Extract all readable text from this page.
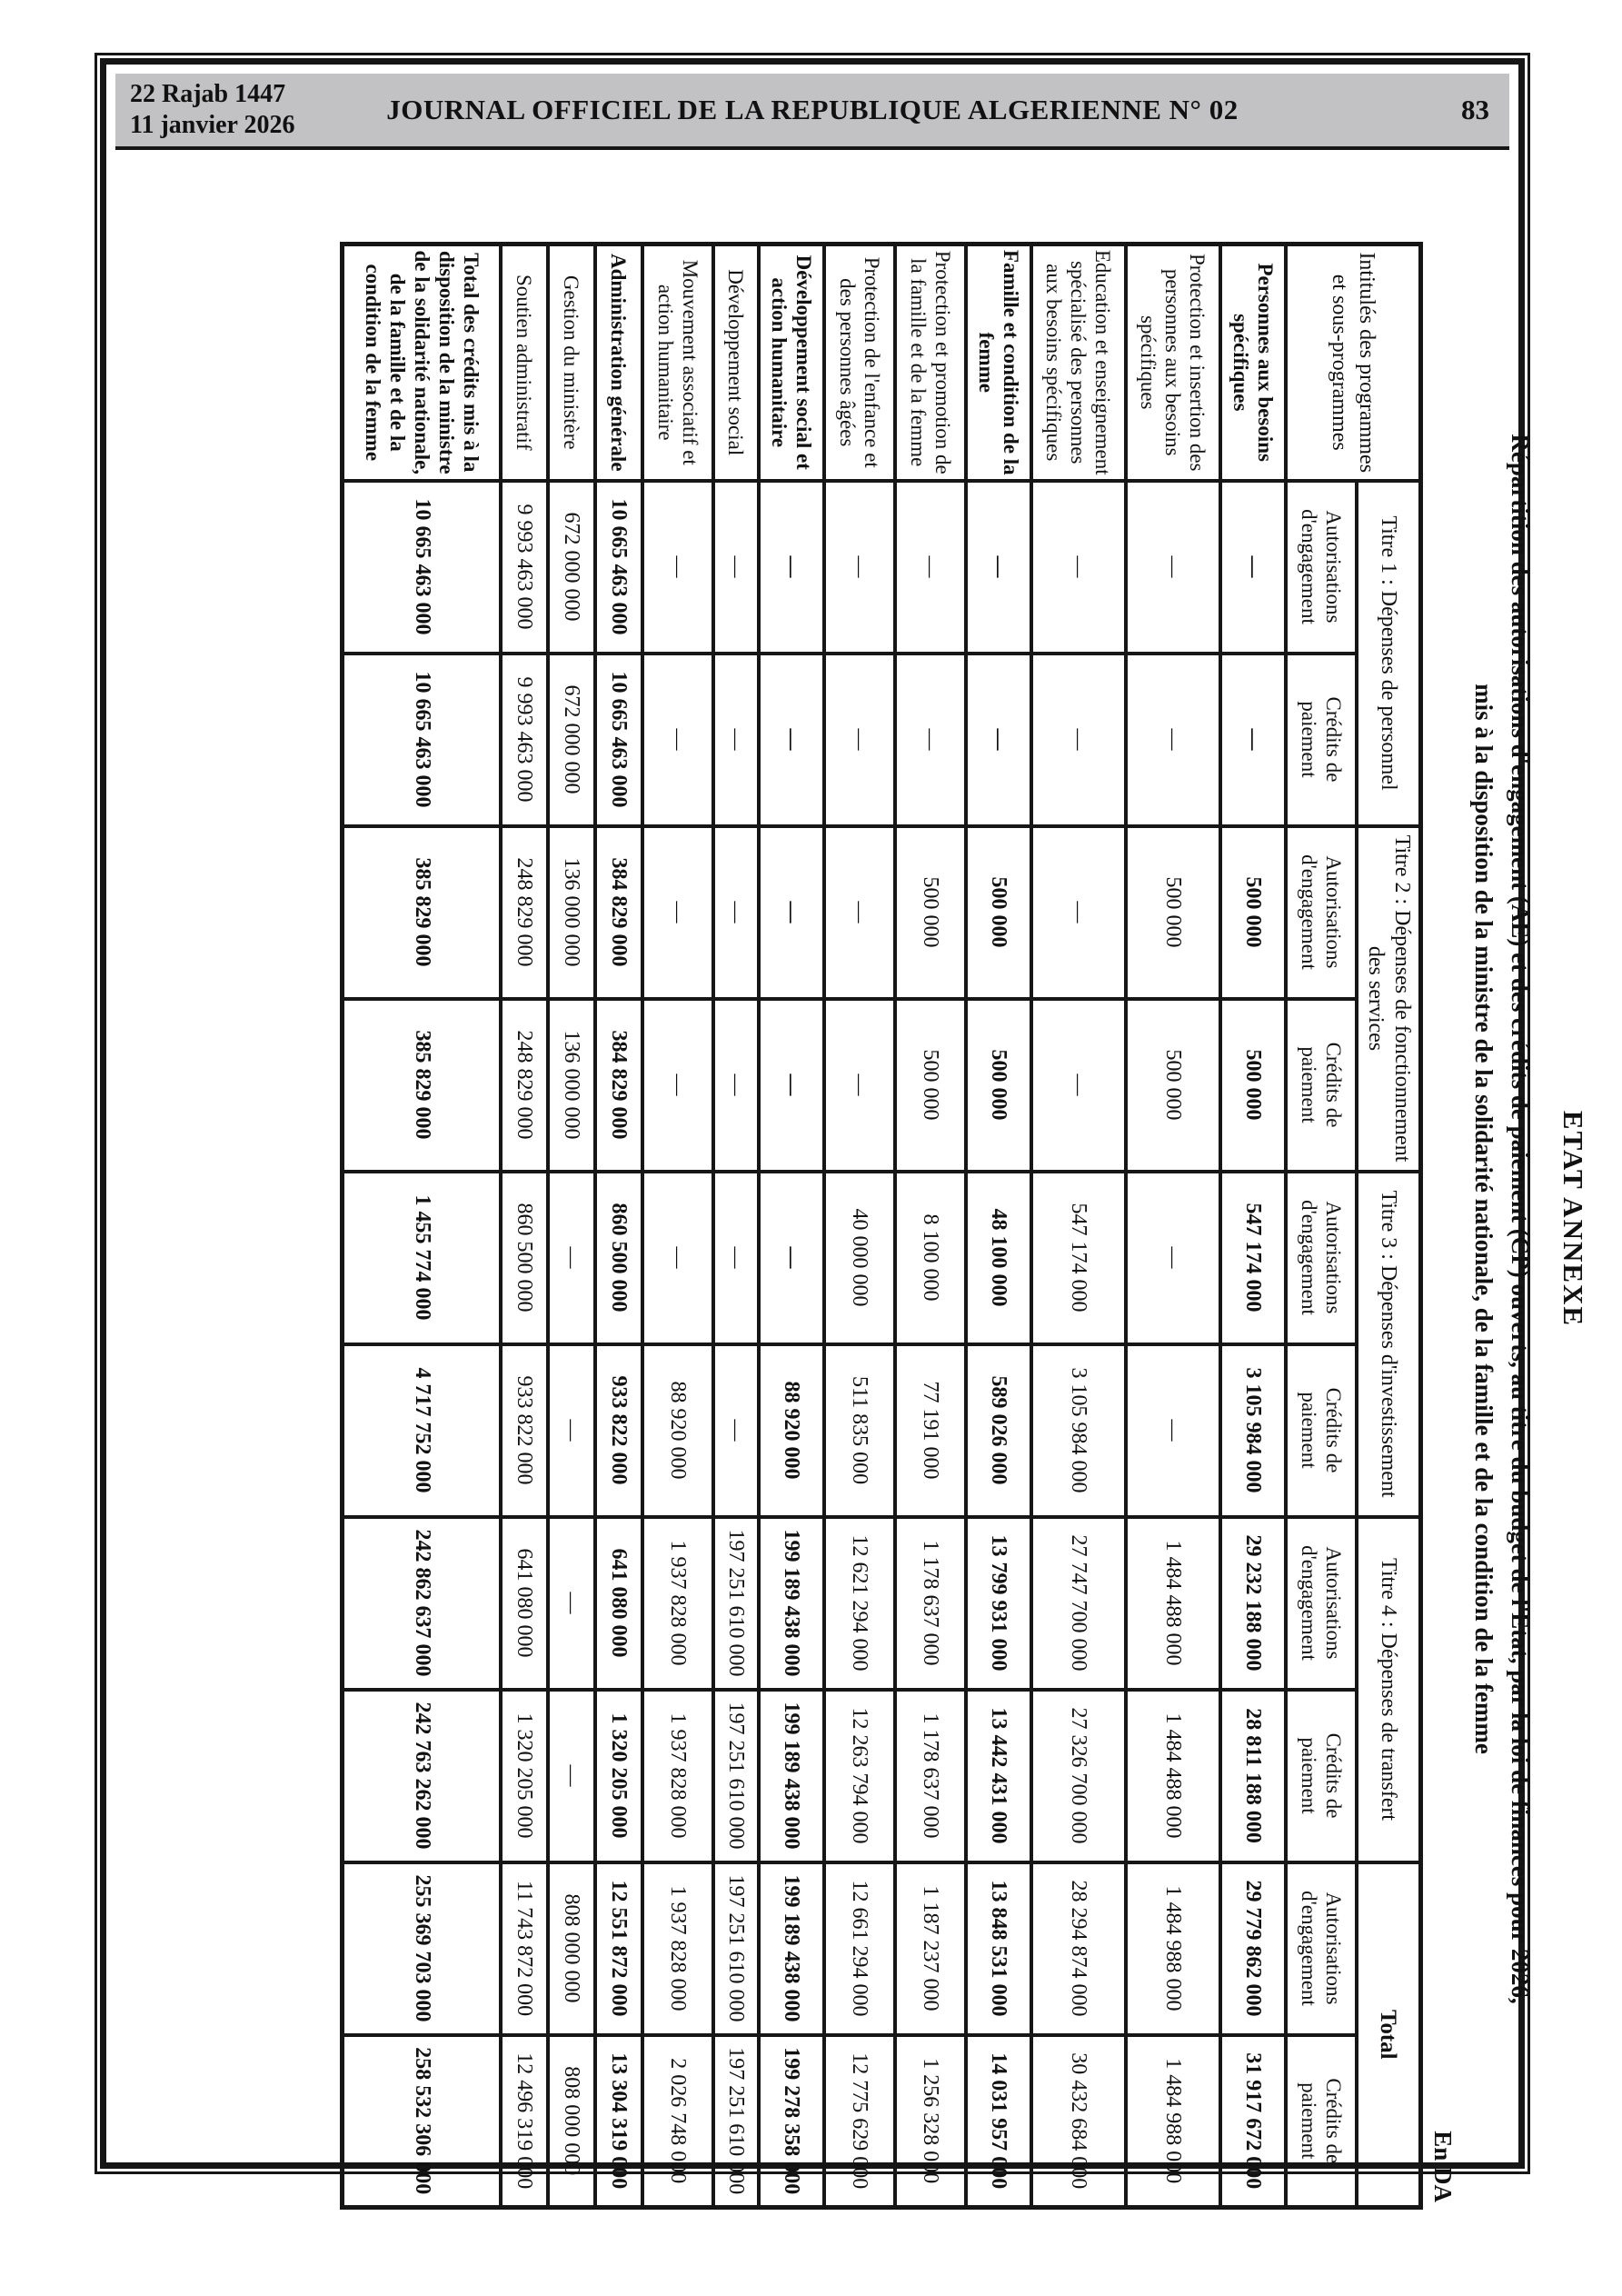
22 Rajab 1447
11 janvier 2026	JOURNAL OFFICIEL DE LA REPUBLIQUE ALGERIENNE N° 02	83
ETAT ANNEXE
Répartition des autorisations d'engagement (AE) et des crédits de paiement (CP) ouverts, au titre du budget de l'Etat, par la loi de finances pour 2026,
mis à la disposition de la ministre de la solidarité nationale, de la famille et de la condition de la femme
En DA
Intitulés des programmes et sous-programmes	Titre 1 : Dépenses de personnel		Titre 2 : Dépenses de fonctionnement des services		Titre 3 : Dépenses d'investissement		Titre 4 : Dépenses de transfert		Total	
	Autorisations d'engagement	Crédits de paiement	Autorisations d'engagement	Crédits de paiement	Autorisations d'engagement	Crédits de paiement	Autorisations d'engagement	Crédits de paiement	Autorisations d'engagement	Crédits de paiement
Personnes aux besoins spécifiques	—	—	500 000	500 000	547 174 000	3 105 984 000	29 232 188 000	28 811 188 000	29 779 862 000	31 917 672 000
Protection et insertion des personnes aux besoins spécifiques	—	—	500 000	500 000	—	—	1 484 488 000	1 484 488 000	1 484 988 000	1 484 988 000
Education et enseignement spécialisé des personnes aux besoins spécifiques	—	—	—	—	547 174 000	3 105 984 000	27 747 700 000	27 326 700 000	28 294 874 000	30 432 684 000
Famille et condition de la femme	—	—	500 000	500 000	48 100 000	589 026 000	13 799 931 000	13 442 431 000	13 848 531 000	14 031 957 000
Protection et promotion de la famille et de la femme	—	—	500 000	500 000	8 100 000	77 191 000	1 178 637 000	1 178 637 000	1 187 237 000	1 256 328 000
Protection de l'enfance et des personnes âgées	—	—	—	—	40 000 000	511 835 000	12 621 294 000	12 263 794 000	12 661 294 000	12 775 629 000
Développement social et action humanitaire	—	—	—	—	—	88 920 000	199 189 438 000	199 189 438 000	199 189 438 000	199 278 358 000
Développement social	—	—	—	—	—	—	197 251 610 000	197 251 610 000	197 251 610 000	197 251 610 000
Mouvement associatif et action humanitaire	—	—	—	—	—	88 920 000	1 937 828 000	1 937 828 000	1 937 828 000	2 026 748 000
Administration générale	10 665 463 000	10 665 463 000	384 829 000	384 829 000	860 500 000	933 822 000	641 080 000	1 320 205 000	12 551 872 000	13 304 319 000
Gestion du ministère	672 000 000	672 000 000	136 000 000	136 000 000	—	—	—	—	808 000 000	808 000 000
Soutien administratif	9 993 463 000	9 993 463 000	248 829 000	248 829 000	860 500 000	933 822 000	641 080 000	1 320 205 000	11 743 872 000	12 496 319 000
Total des crédits mis à la disposition de la ministre de la solidarité nationale, de la famille et de la condition de la femme	10 665 463 000	10 665 463 000	385 829 000	385 829 000	1 455 774 000	4 717 752 000	242 862 637 000	242 763 262 000	255 369 703 000	258 532 306 000
